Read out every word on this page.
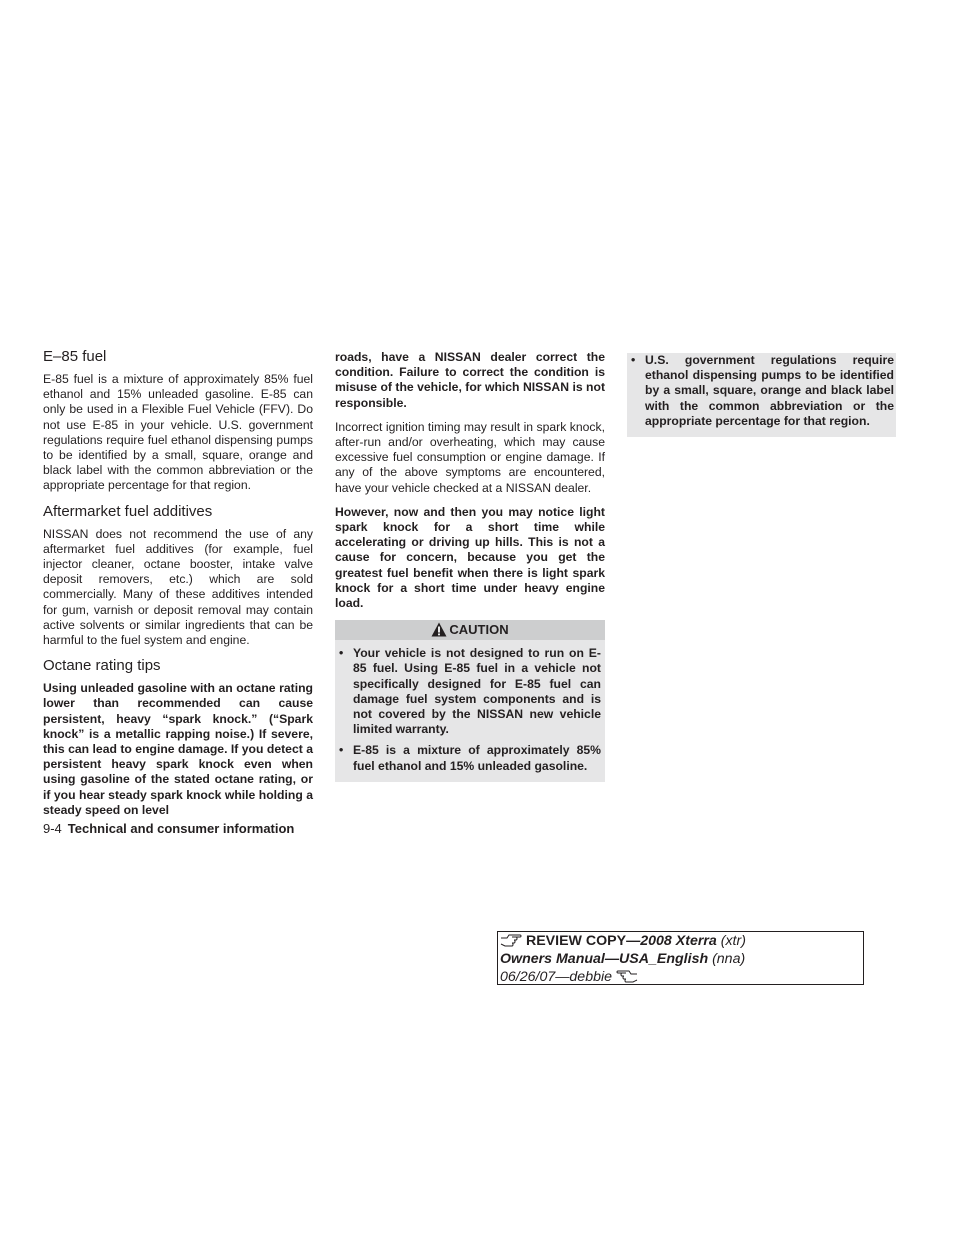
E–85 fuel

E-85 fuel is a mixture of approximately 85% fuel ethanol and 15% unleaded gasoline. E-85 can only be used in a Flexible Fuel Vehicle (FFV). Do not use E-85 in your vehicle. U.S. government regulations require fuel ethanol dispensing pumps to be identified by a small, square, orange and black label with the common abbreviation or the appropriate percentage for that region.

Aftermarket fuel additives

NISSAN does not recommend the use of any aftermarket fuel additives (for example, fuel injector cleaner, octane booster, intake valve deposit removers, etc.) which are sold commercially. Many of these additives intended for gum, varnish or deposit removal may contain active solvents or similar ingredients that can be harmful to the fuel system and engine.

Octane rating tips

Using unleaded gasoline with an octane rating lower than recommended can cause persistent, heavy “spark knock.” (“Spark knock” is a metallic rapping noise.) If severe, this can lead to engine damage. If you detect a persistent heavy spark knock even when using gasoline of the stated octane rating, or if you hear steady spark knock while holding a steady speed on level

roads, have a NISSAN dealer correct the condition. Failure to correct the condition is misuse of the vehicle, for which NISSAN is not responsible.

Incorrect ignition timing may result in spark knock, after-run and/or overheating, which may cause excessive fuel consumption or engine damage. If any of the above symptoms are encountered, have your vehicle checked at a NISSAN dealer.

However, now and then you may notice light spark knock for a short time while accelerating or driving up hills. This is not a cause for concern, because you get the greatest fuel benefit when there is light spark knock for a short time under heavy engine load.

CAUTION
• Your vehicle is not designed to run on E-85 fuel. Using E-85 fuel in a vehicle not specifically designed for E-85 fuel can damage fuel system components and is not covered by the NISSAN new vehicle limited warranty.
• E-85 is a mixture of approximately 85% fuel ethanol and 15% unleaded gasoline.
• U.S. government regulations require ethanol dispensing pumps to be identified by a small, square, orange and black label with the common abbreviation or the appropriate percentage for that region.
9-4 Technical and consumer information
REVIEW COPY—2008 Xterra (xtr)
Owners Manual—USA_English (nna)
06/26/07—debbie
